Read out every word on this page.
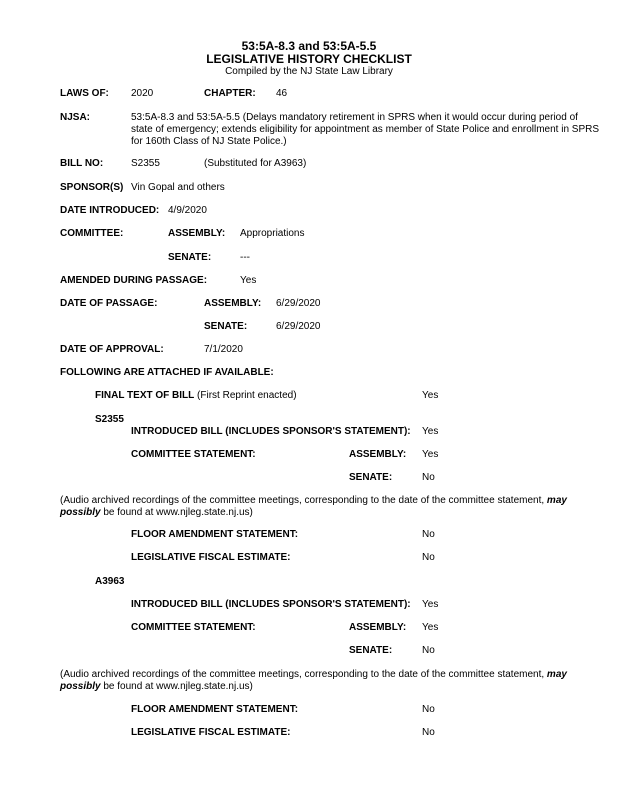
53:5A-8.3 and 53:5A-5.5
LEGISLATIVE HISTORY CHECKLIST
Compiled by the NJ State Law Library
LAWS OF: 2020	CHAPTER: 46
NJSA:	53:5A-8.3 and 53:5A-5.5 (Delays mandatory retirement in SPRS when it would occur during period of state of emergency; extends eligibility for appointment as member of State Police and enrollment in SPRS for 160th Class of NJ State Police.)
BILL NO:	S2355	(Substituted for A3963)
SPONSOR(S) Vin Gopal and others
DATE INTRODUCED: 4/9/2020
COMMITTEE:	ASSEMBLY: Appropriations
SENATE:	---
AMENDED DURING PASSAGE:	Yes
DATE OF PASSAGE:	ASSEMBLY: 6/29/2020
SENATE:	6/29/2020
DATE OF APPROVAL:	7/1/2020
FOLLOWING ARE ATTACHED IF AVAILABLE:
FINAL TEXT OF BILL (First Reprint enacted)	Yes
S2355
INTRODUCED BILL (INCLUDES SPONSOR'S STATEMENT): Yes
COMMITTEE STATEMENT:	ASSEMBLY: Yes
SENATE:	No
(Audio archived recordings of the committee meetings, corresponding to the date of the committee statement, may possibly be found at www.njleg.state.nj.us)
FLOOR AMENDMENT STATEMENT:	No
LEGISLATIVE FISCAL ESTIMATE:	No
A3963
INTRODUCED BILL (INCLUDES SPONSOR'S STATEMENT): Yes
COMMITTEE STATEMENT:	ASSEMBLY: Yes
SENATE:	No
(Audio archived recordings of the committee meetings, corresponding to the date of the committee statement, may possibly be found at www.njleg.state.nj.us)
FLOOR AMENDMENT STATEMENT:	No
LEGISLATIVE FISCAL ESTIMATE:	No
